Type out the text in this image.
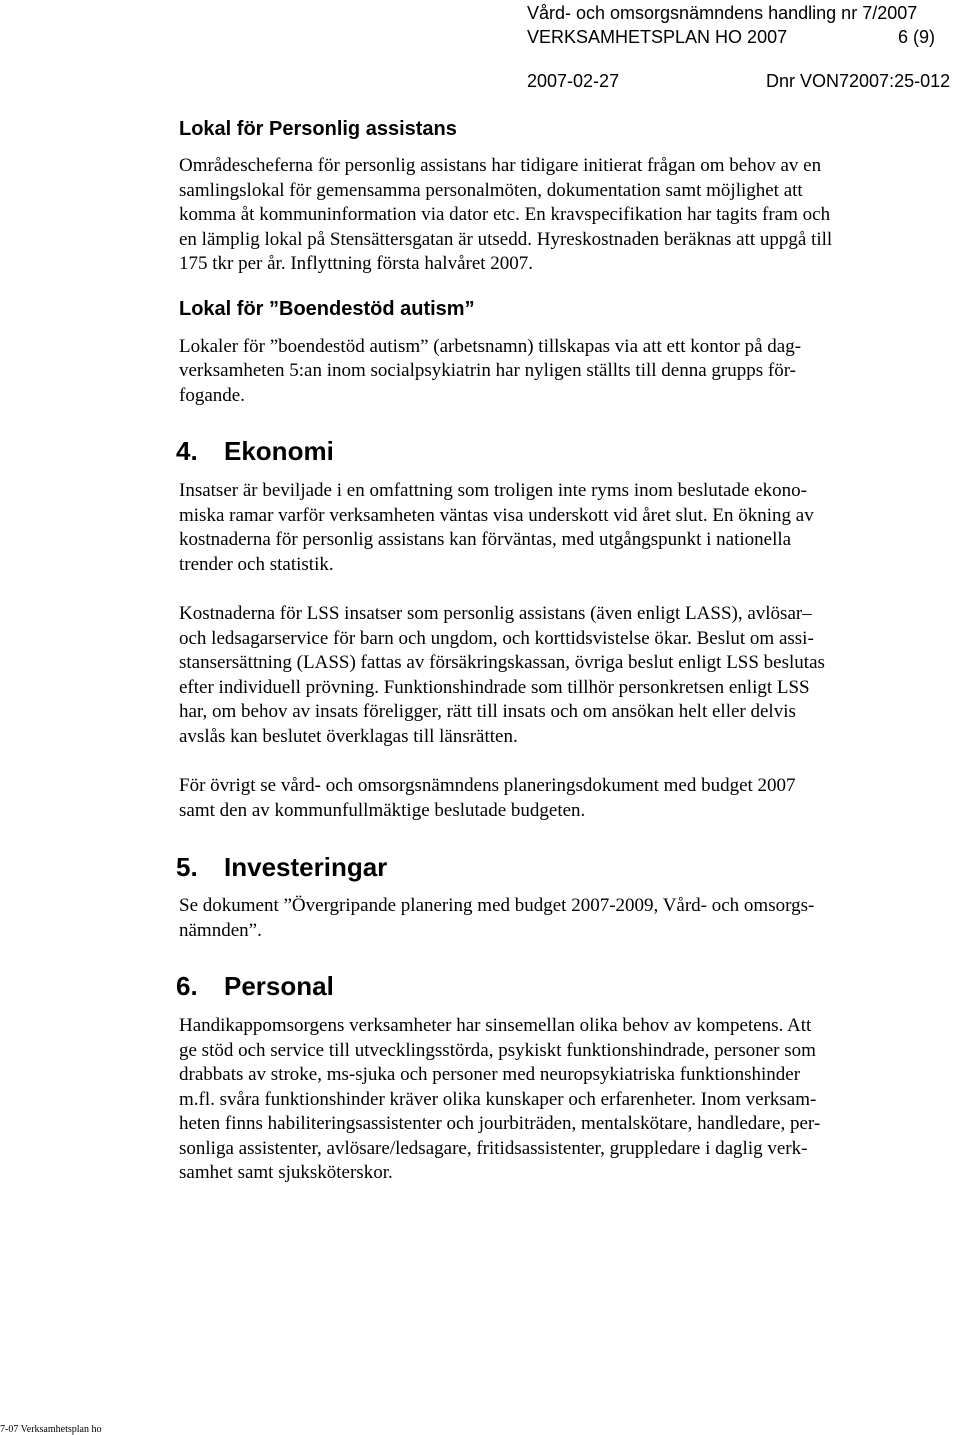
Vård- och omsorgsnämndens handling nr 7/2007
VERKSAMHETSPLAN HO 2007	6 (9)
2007-02-27	Dnr VON72007:25-012
Lokal för Personlig assistans
Områdescheferna för personlig assistans har tidigare initierat frågan om behov av en
samlingslokal för gemensamma personalmöten, dokumentation samt möjlighet att
komma åt kommuninformation via dator etc. En kravspecifikation har tagits fram och
en lämplig lokal på Stensättersgatan är utsedd. Hyreskostnaden beräknas att uppgå till
175 tkr per år. Inflyttning första halvåret 2007.
Lokal för ”Boendestöd autism”
Lokaler för ”boendestöd autism” (arbetsnamn) tillskapas via att ett kontor på dag-
verksamheten 5:an inom socialpsykiatrin har nyligen ställts till denna grupps för-
fogande.
4.	Ekonomi
Insatser är beviljade i en omfattning som troligen inte ryms inom beslutade ekono-
miska ramar varför verksamheten väntas visa underskott vid året slut. En ökning av
kostnaderna för personlig assistans kan förväntas, med utgångspunkt i nationella
trender och statistik.
Kostnaderna för LSS insatser som personlig assistans (även enligt LASS), avlösar–
och ledsagarservice för barn och ungdom, och korttidsvistelse ökar. Beslut om assi-
stansersättning (LASS) fattas av försäkringskassan, övriga beslut enligt LSS beslutas
efter individuell prövning. Funktionshindrade som tillhör personkretsen enligt LSS
har, om behov av insats föreligger, rätt till insats och om ansökan helt eller delvis
avslås kan beslutet överklagas till länsrätten.
För övrigt se vård- och omsorgsnämndens planeringsdokument med budget 2007
samt den av kommunfullmäktige beslutade budgeten.
5.	Investeringar
Se dokument ”Övergripande planering med budget 2007-2009, Vård- och omsorgs-
nämnden”.
6.	Personal
Handikappomsorgens verksamheter har sinsemellan olika behov av kompetens. Att
ge stöd och service till utvecklingsstörda, psykiskt funktionshindrade, personer som
drabbats av stroke, ms-sjuka och personer med neuropsykiatriska funktionshinder
m.fl. svåra funktionshinder kräver olika kunskaper och erfarenheter. Inom verksam-
heten finns habiliteringsassistenter och jourbiträden, mentalskötare, handledare, per-
sonliga assistenter, avlösare/ledsagare, fritidsassistenter, gruppledare i daglig verk-
samhet samt sjuksköterskor.
7-07 Verksamhetsplan ho
